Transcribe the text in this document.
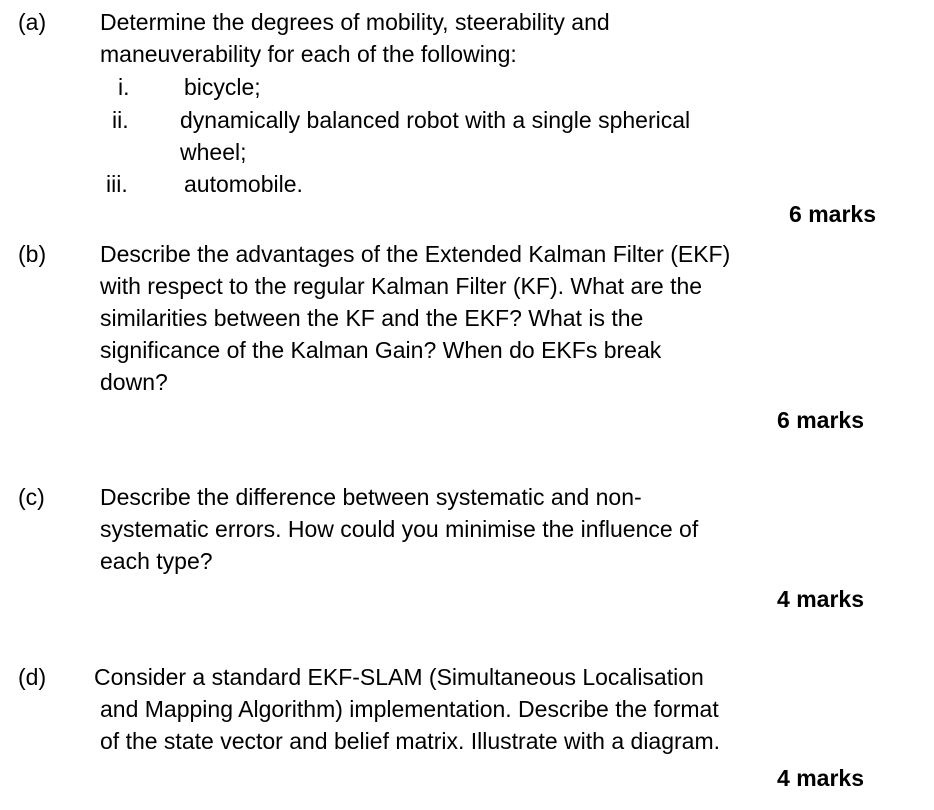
(a) Determine the degrees of mobility, steerability and
maneuverability for each of the following:
i. bicycle;
ii. dynamically balanced robot with a single spherical
wheel;
iii. automobile.
6 marks
(b) Describe the advantages of the Extended Kalman Filter (EKF)
with respect to the regular Kalman Filter (KF). What are the
similarities between the KF and the EKF? What is the
significance of the Kalman Gain? When do EKFs break
down?
6 marks
(c) Describe the difference between systematic and non-
systematic errors. How could you minimise the influence of
each type?
4 marks
(d) Consider a standard EKF-SLAM (Simultaneous Localisation
and Mapping Algorithm) implementation. Describe the format
of the state vector and belief matrix. Illustrate with a diagram.
4 marks
